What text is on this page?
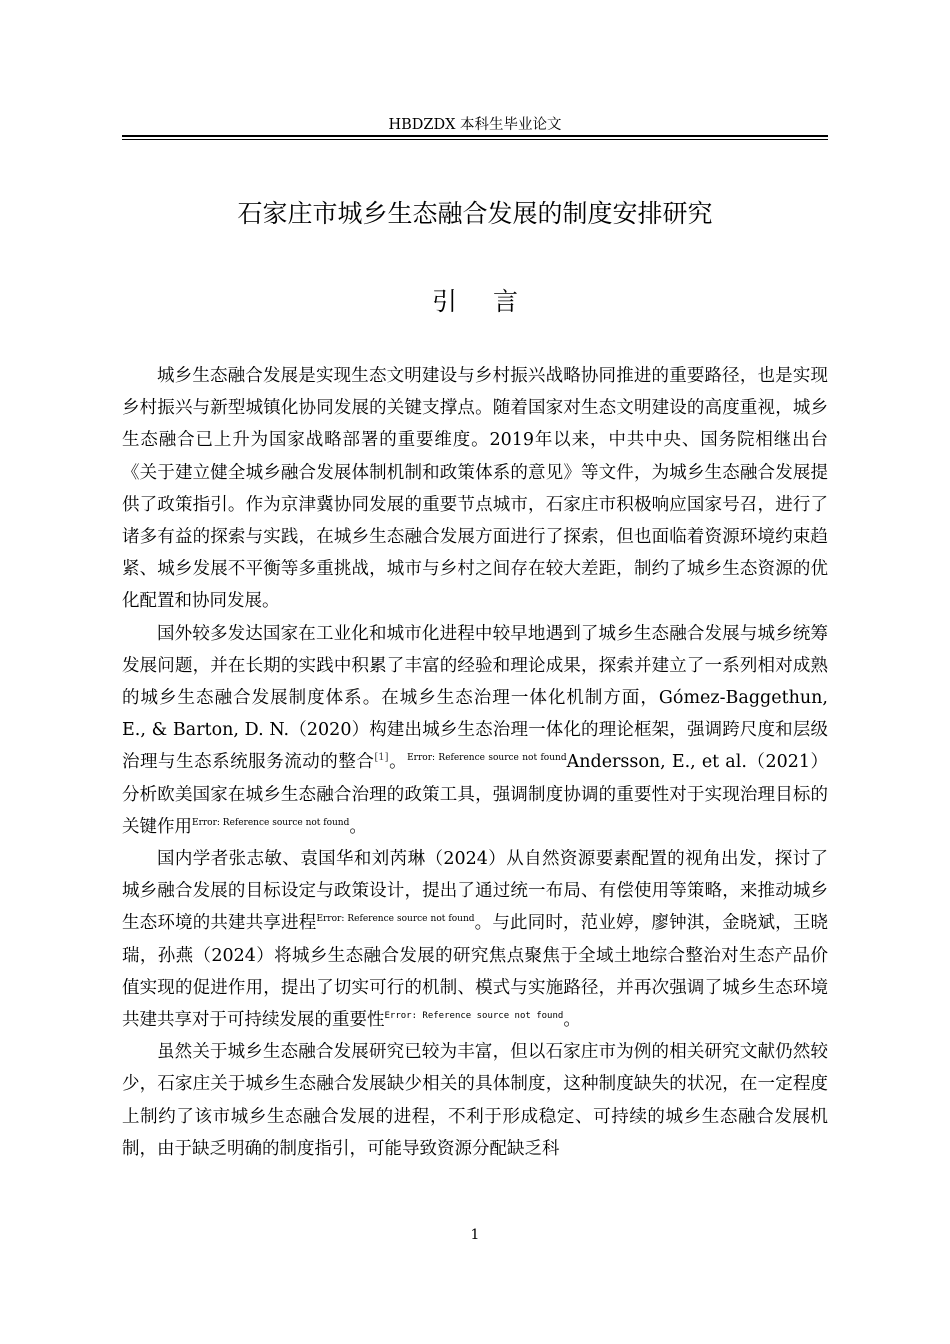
HBDZDX 本科生毕业论文
石家庄市城乡生态融合发展的制度安排研究
引 言

城乡生态融合发展是实现生态文明建设与乡村振兴战略协同推进的重要路径，也是实现乡村振兴与新型城镇化协同发展的关键支撑点。随着国家对生态文明建设的高度重视，城乡生态融合已上升为国家战略部署的重要维度。2019年以来，中共中央、国务院相继出台《关于建立健全城乡融合发展体制机制和政策体系的意见》等文件，为城乡生态融合发展提供了政策指引。作为京津冀协同发展的重要节点城市，石家庄市积极响应国家号召，进行了诸多有益的探索与实践，在城乡生态融合发展方面进行了探索，但也面临着资源环境约束趋紧、城乡发展不平衡等多重挑战，城市与乡村之间存在较大差距，制约了城乡生态资源的优化配置和协同发展。

国外较多发达国家在工业化和城市化进程中较早地遇到了城乡生态融合发展与城乡统筹发展问题，并在长期的实践中积累了丰富的经验和理论成果，探索并建立了一系列相对成熟的城乡生态融合发展制度体系。在城乡生态治理一体化机制方面，Gómez-Baggethun, E., & Barton, D. N.（2020）构建出城乡生态治理一体化的理论框架，强调跨尺度和层级治理与生态系统服务流动的整合[1]。$^{Error: Reference source not found}$Andersson, E., et al.（2021）分析欧美国家在城乡生态融合治理的政策工具，强调制度协调的重要性对于实现治理目标的关键作用$^{Error: Reference source not found}$。

国内学者张志敏、袁国华和刘芮琳（2024）从自然资源要素配置的视角出发，探讨了城乡融合发展的目标设定与政策设计，提出了通过统一布局、有偿使用等策略，来推动城乡生态环境的共建共享进程$^{Error: Reference source not found}$。与此同时，范业婷，廖钟淇，金晓斌，王晓瑞，孙燕（2024）将城乡生态融合发展的研究焦点聚焦于全域土地综合整治对生态产品价值实现的促进作用，提出了切实可行的机制、模式与实施路径，并再次强调了城乡生态环境共建共享对于可持续发展的重要性$^{Error: Reference source not found}$。

虽然关于城乡生态融合发展研究已较为丰富，但以石家庄市为例的相关研究文献仍然较少，石家庄关于城乡生态融合发展缺少相关的具体制度，这种制度缺失的状况，在一定程度上制约了该市城乡生态融合发展的进程，不利于形成稳定、可持续的城乡生态融合发展机制，由于缺乏明确的制度指引，可能导致资源分配缺乏科

1
